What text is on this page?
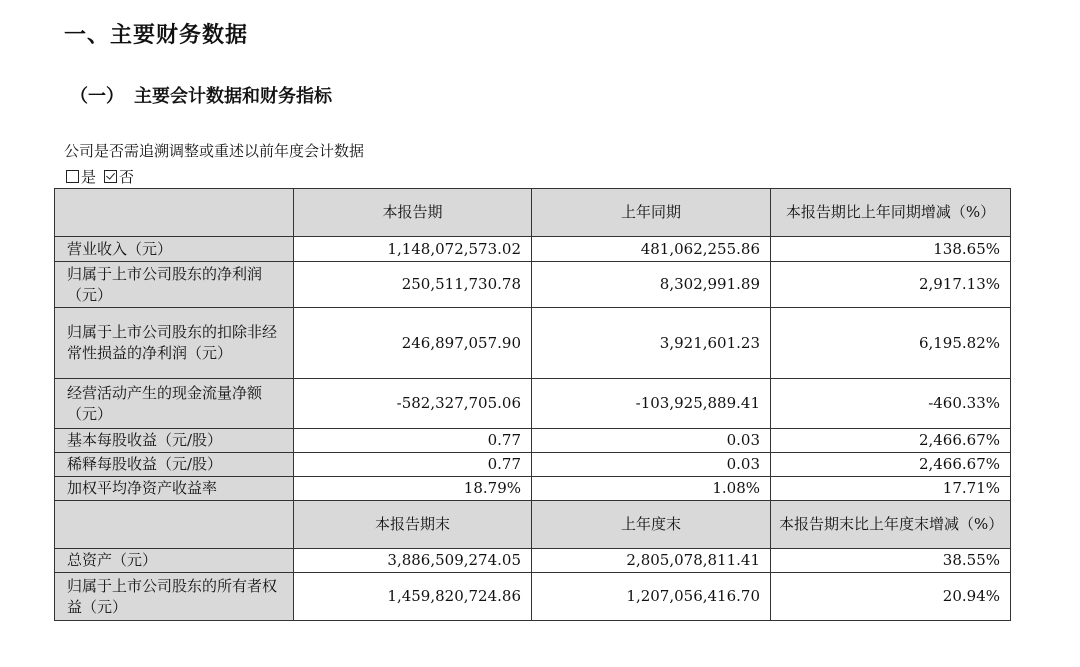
一、主要财务数据
（一） 主要会计数据和财务指标
公司是否需追溯调整或重述以前年度会计数据
是 否
	本报告期	上年同期	本报告期比上年同期增减（%）
营业收入（元）	1,148,072,573.02	481,062,255.86	138.65%
归属于上市公司股东的净利润（元）	250,511,730.78	8,302,991.89	2,917.13%
归属于上市公司股东的扣除非经常性损益的净利润（元）	246,897,057.90	3,921,601.23	6,195.82%
经营活动产生的现金流量净额（元）	-582,327,705.06	-103,925,889.41	-460.33%
基本每股收益（元/股）	0.77	0.03	2,466.67%
稀释每股收益（元/股）	0.77	0.03	2,466.67%
加权平均净资产收益率	18.79%	1.08%	17.71%
	本报告期末	上年度末	本报告期末比上年度末增减（%）
总资产（元）	3,886,509,274.05	2,805,078,811.41	38.55%
归属于上市公司股东的所有者权益（元）	1,459,820,724.86	1,207,056,416.70	20.94%
